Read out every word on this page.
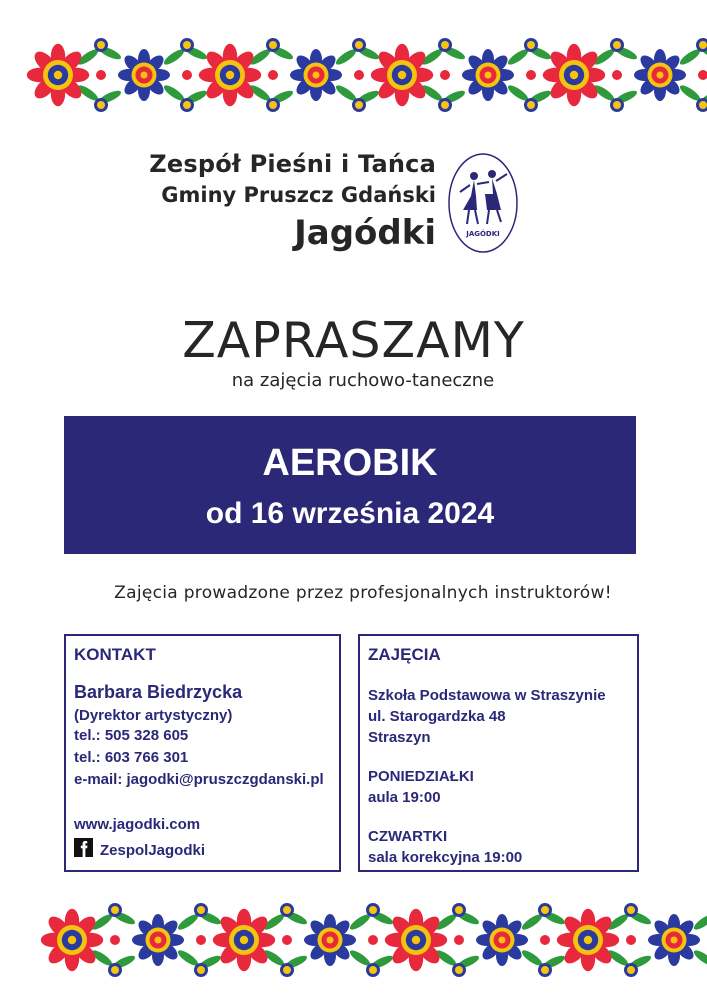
Zespół Pieśni i Tańca
Gminy Pruszcz Gdański
Jagódki	JAGÓDKI
ZAPRASZAMY
na zajęcia ruchowo-taneczne
AEROBIK
od 16 września 2024
Zajęcia prowadzone przez profesjonalnych instruktorów!
KONTAKT
Barbara Biedrzycka
(Dyrektor artystyczny)
tel.: 505 328 605
tel.: 603 766 301
e-mail: jagodki@pruszczgdanski.pl
www.jagodki.com
ZespolJagodki
ZAJĘCIA
Szkoła Podstawowa w Straszynie
ul. Starogardzka 48
Straszyn
PONIEDZIAŁKI
aula 19:00
CZWARTKI
sala korekcyjna 19:00
